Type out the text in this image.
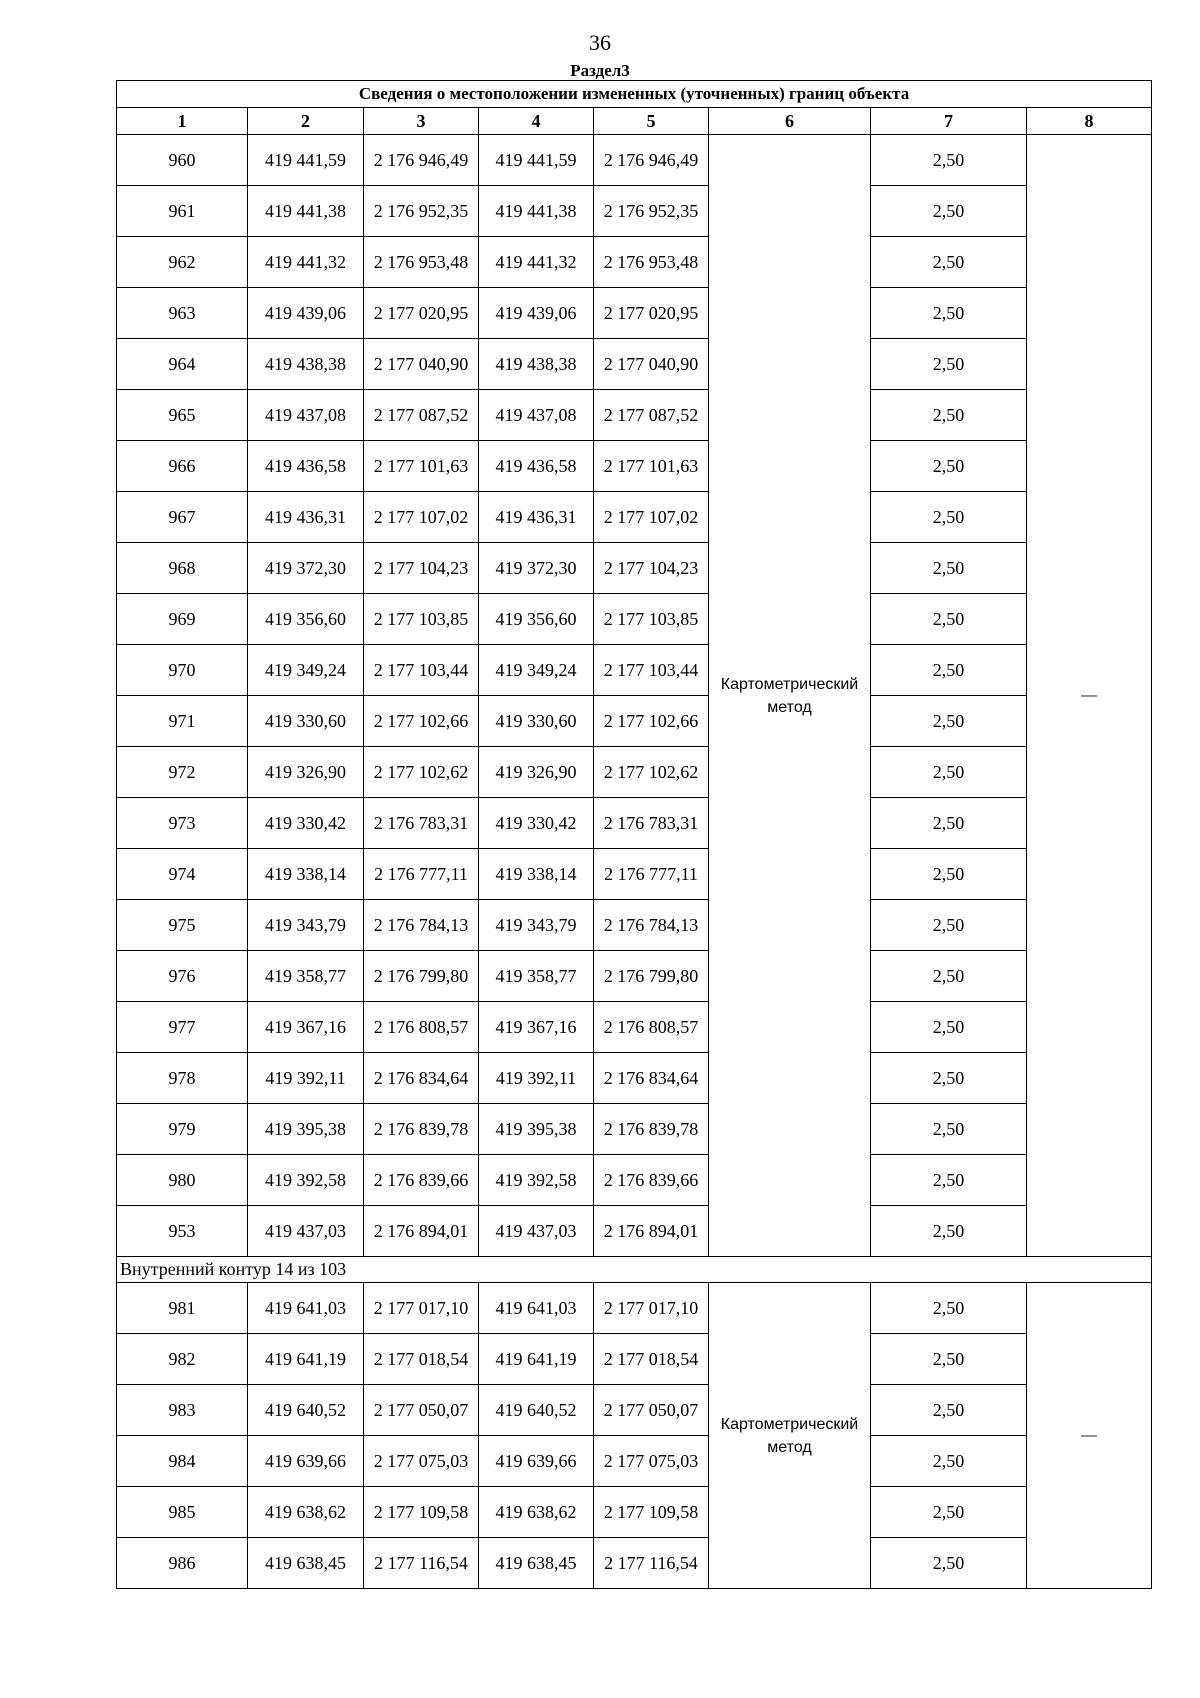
36
Раздел3
Сведения о местоположении измененных (уточненных) границ объекта							
1	2	3	4	5	6	7	8
960	419 441,59	2 176 946,49	419 441,59	2 176 946,49	Картометрический метод	2,50	—
961	419 441,38	2 176 952,35	419 441,38	2 176 952,35		2,50	
962	419 441,32	2 176 953,48	419 441,32	2 176 953,48		2,50	
963	419 439,06	2 177 020,95	419 439,06	2 177 020,95		2,50	
964	419 438,38	2 177 040,90	419 438,38	2 177 040,90		2,50	
965	419 437,08	2 177 087,52	419 437,08	2 177 087,52		2,50	
966	419 436,58	2 177 101,63	419 436,58	2 177 101,63		2,50	
967	419 436,31	2 177 107,02	419 436,31	2 177 107,02		2,50	
968	419 372,30	2 177 104,23	419 372,30	2 177 104,23		2,50	
969	419 356,60	2 177 103,85	419 356,60	2 177 103,85		2,50	
970	419 349,24	2 177 103,44	419 349,24	2 177 103,44		2,50	
971	419 330,60	2 177 102,66	419 330,60	2 177 102,66		2,50	
972	419 326,90	2 177 102,62	419 326,90	2 177 102,62		2,50	
973	419 330,42	2 176 783,31	419 330,42	2 176 783,31		2,50	
974	419 338,14	2 176 777,11	419 338,14	2 176 777,11		2,50	
975	419 343,79	2 176 784,13	419 343,79	2 176 784,13		2,50	
976	419 358,77	2 176 799,80	419 358,77	2 176 799,80		2,50	
977	419 367,16	2 176 808,57	419 367,16	2 176 808,57		2,50	
978	419 392,11	2 176 834,64	419 392,11	2 176 834,64		2,50	
979	419 395,38	2 176 839,78	419 395,38	2 176 839,78		2,50	
980	419 392,58	2 176 839,66	419 392,58	2 176 839,66		2,50	
953	419 437,03	2 176 894,01	419 437,03	2 176 894,01		2,50	
Внутренний контур 14 из 103							
981	419 641,03	2 177 017,10	419 641,03	2 177 017,10	Картометрический метод	2,50	—
982	419 641,19	2 177 018,54	419 641,19	2 177 018,54		2,50	
983	419 640,52	2 177 050,07	419 640,52	2 177 050,07		2,50	
984	419 639,66	2 177 075,03	419 639,66	2 177 075,03		2,50	
985	419 638,62	2 177 109,58	419 638,62	2 177 109,58		2,50	
986	419 638,45	2 177 116,54	419 638,45	2 177 116,54		2,50	
